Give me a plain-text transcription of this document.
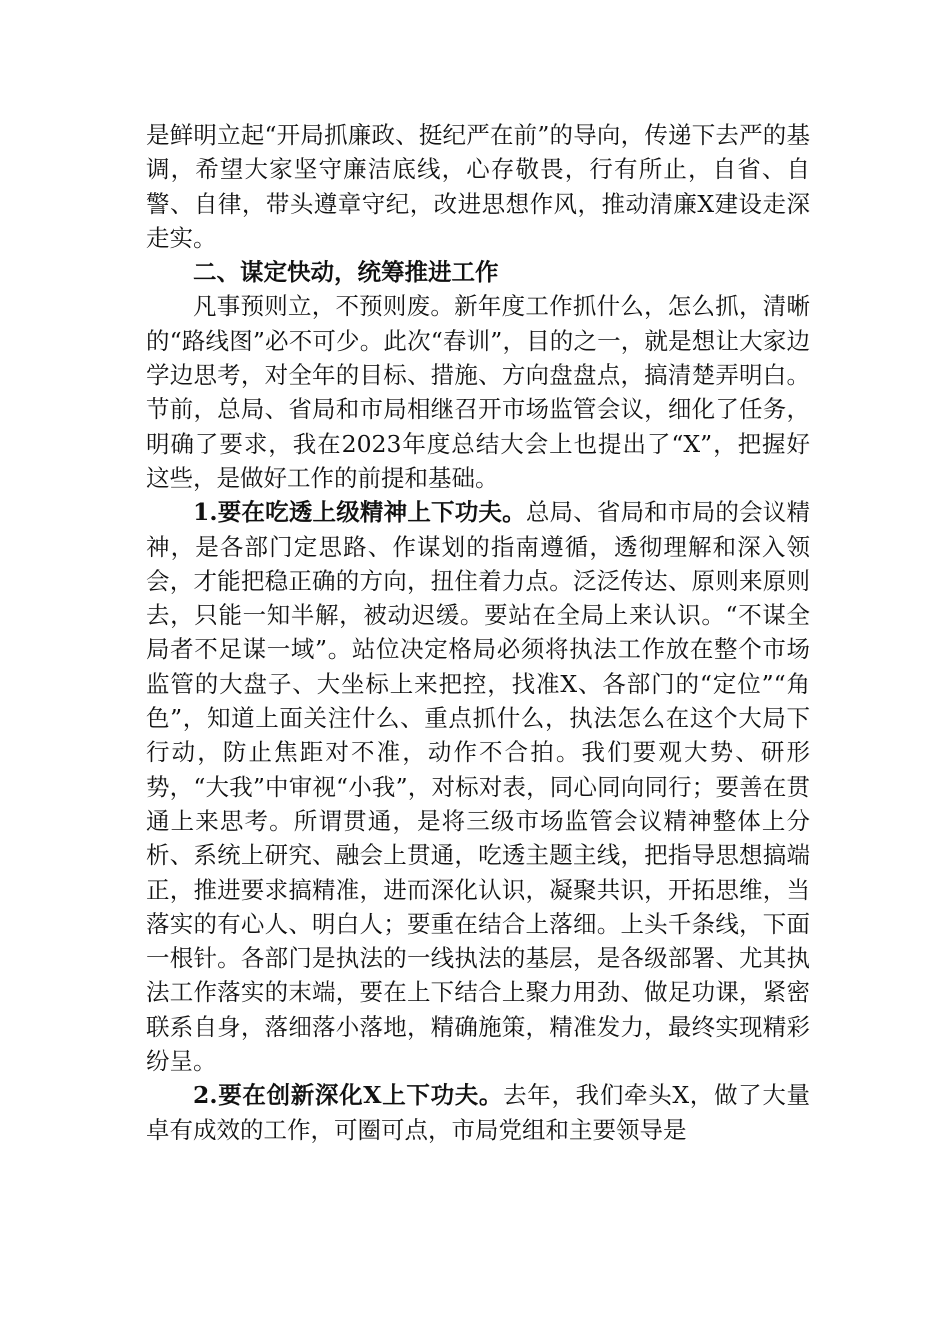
是鲜明立起“开局抓廉政、挺纪严在前”的导向，传递下去严的基调，希望大家坚守廉洁底线，心存敬畏，行有所止，自省、自警、自律，带头遵章守纪，改进思想作风，推动清廉X建设走深走实。

二、谋定快动，统筹推进工作

凡事预则立，不预则废。新年度工作抓什么，怎么抓，清晰的“路线图”必不可少。此次“春训”，目的之一，就是想让大家边学边思考，对全年的目标、措施、方向盘盘点，搞清楚弄明白。节前，总局、省局和市局相继召开市场监管会议，细化了任务，明确了要求，我在2023年度总结大会上也提出了“X”，把握好这些，是做好工作的前提和基础。

1.要在吃透上级精神上下功夫。总局、省局和市局的会议精神，是各部门定思路、作谋划的指南遵循，透彻理解和深入领会，才能把稳正确的方向，扭住着力点。泛泛传达、原则来原则去，只能一知半解，被动迟缓。要站在全局上来认识。“不谋全局者不足谋一域”。站位决定格局必须将执法工作放在整个市场监管的大盘子、大坐标上来把控，找准X、各部门的“定位”“角色”，知道上面关注什么、重点抓什么，执法怎么在这个大局下行动，防止焦距对不准，动作不合拍。我们要观大势、研形势，“大我”中审视“小我”，对标对表，同心同向同行；要善在贯通上来思考。所谓贯通，是将三级市场监管会议精神整体上分析、系统上研究、融会上贯通，吃透主题主线，把指导思想搞端正，推进要求搞精准，进而深化认识，凝聚共识，开拓思维，当落实的有心人、明白人；要重在结合上落细。上头千条线，下面一根针。各部门是执法的一线执法的基层，是各级部署、尤其执法工作落实的末端，要在上下结合上聚力用劲、做足功课，紧密联系自身，落细落小落地，精确施策，精准发力，最终实现精彩纷呈。

2.要在创新深化X上下功夫。去年，我们牵头X，做了大量卓有成效的工作，可圈可点，市局党组和主要领导是
